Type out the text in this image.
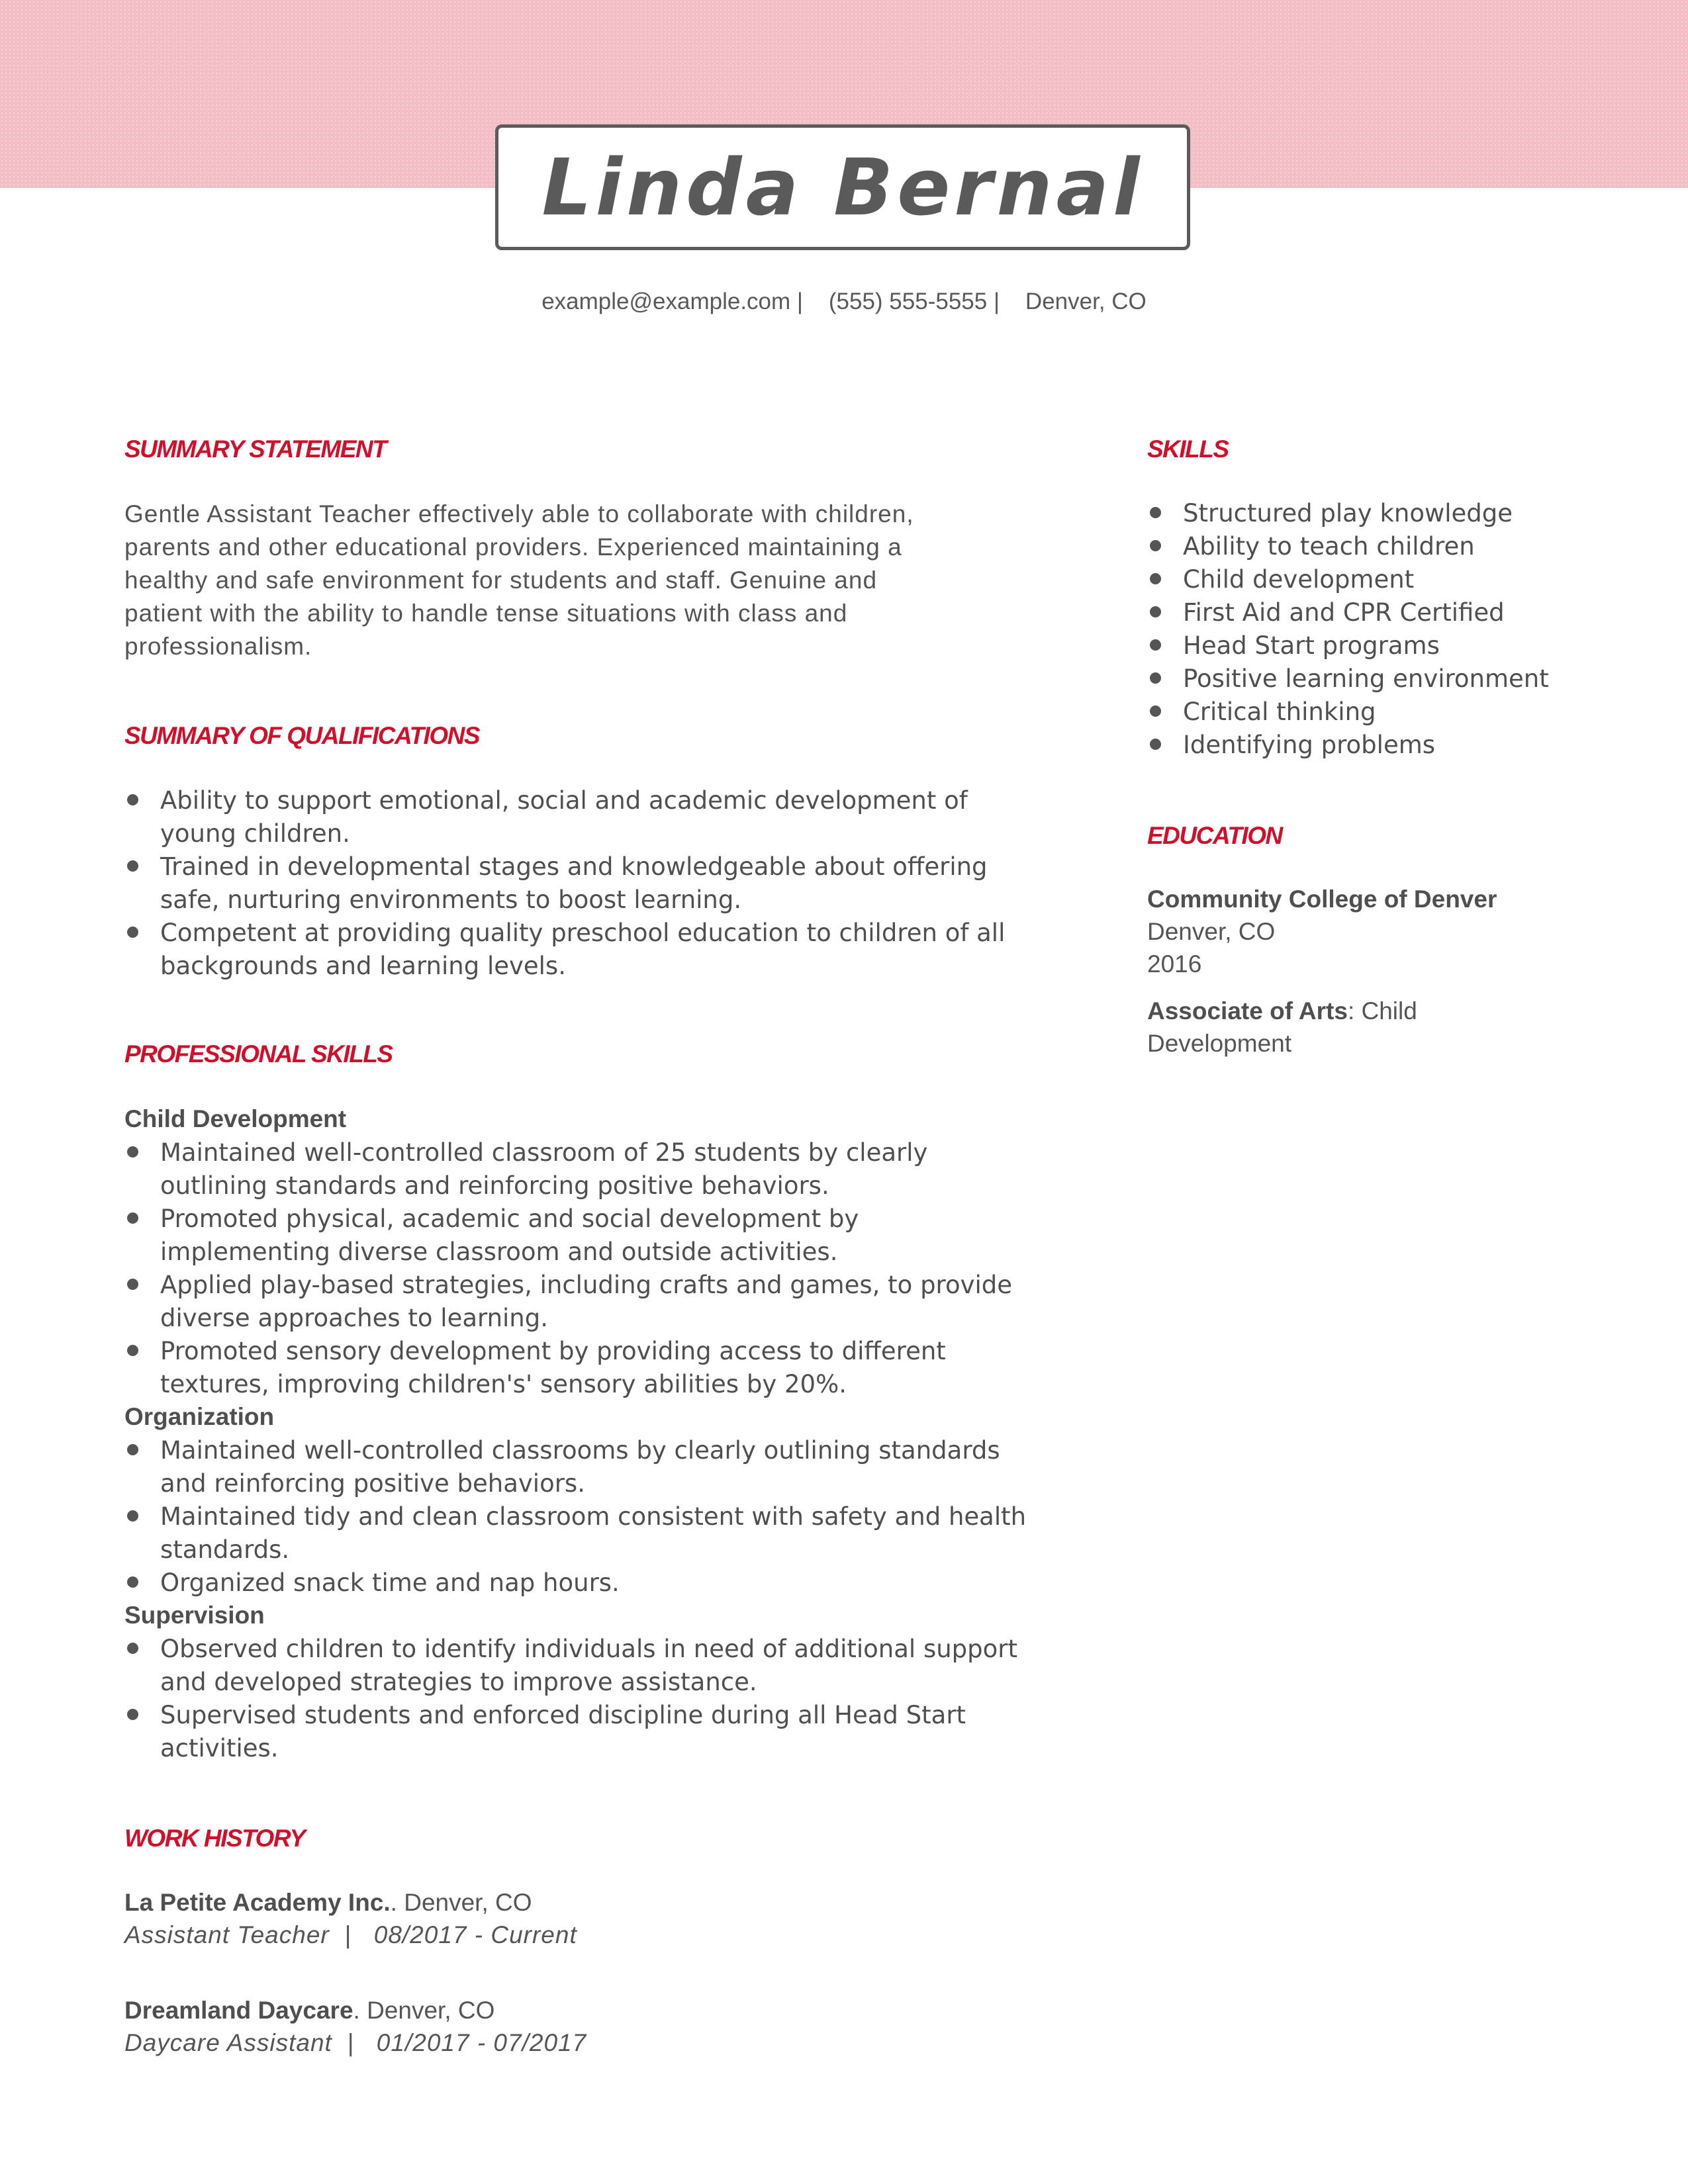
Linda Bernal
example@example.com |    (555) 555-5555 |    Denver, CO
SUMMARY STATEMENT
Gentle Assistant Teacher effectively able to collaborate with children,
parents and other educational providers. Experienced maintaining a
healthy and safe environment for students and staff. Genuine and
patient with the ability to handle tense situations with class and
professionalism.
SUMMARY OF QUALIFICATIONS
Ability to support emotional, social and academic development of
young children.
Trained in developmental stages and knowledgeable about offering
safe, nurturing environments to boost learning.
Competent at providing quality preschool education to children of all
backgrounds and learning levels.
PROFESSIONAL SKILLS
Child Development
Maintained well-controlled classroom of 25 students by clearly
outlining standards and reinforcing positive behaviors.
Promoted physical, academic and social development by
implementing diverse classroom and outside activities.
Applied play-based strategies, including crafts and games, to provide
diverse approaches to learning.
Promoted sensory development by providing access to different
textures, improving children's' sensory abilities by 20%.
Organization
Maintained well-controlled classrooms by clearly outlining standards
and reinforcing positive behaviors.
Maintained tidy and clean classroom consistent with safety and health
standards.
Organized snack time and nap hours.
Supervision
Observed children to identify individuals in need of additional support
and developed strategies to improve assistance.
Supervised students and enforced discipline during all Head Start
activities.
WORK HISTORY
La Petite Academy Inc.. Denver, CO
Assistant Teacher  |   08/2017 - Current
Dreamland Daycare. Denver, CO
Daycare Assistant  |   01/2017 - 07/2017
SKILLS
Structured play knowledge
Ability to teach children
Child development
First Aid and CPR Certified
Head Start programs
Positive learning environment
Critical thinking
Identifying problems
EDUCATION
Community College of Denver
Denver, CO
2016
Associate of Arts: Child
Development
